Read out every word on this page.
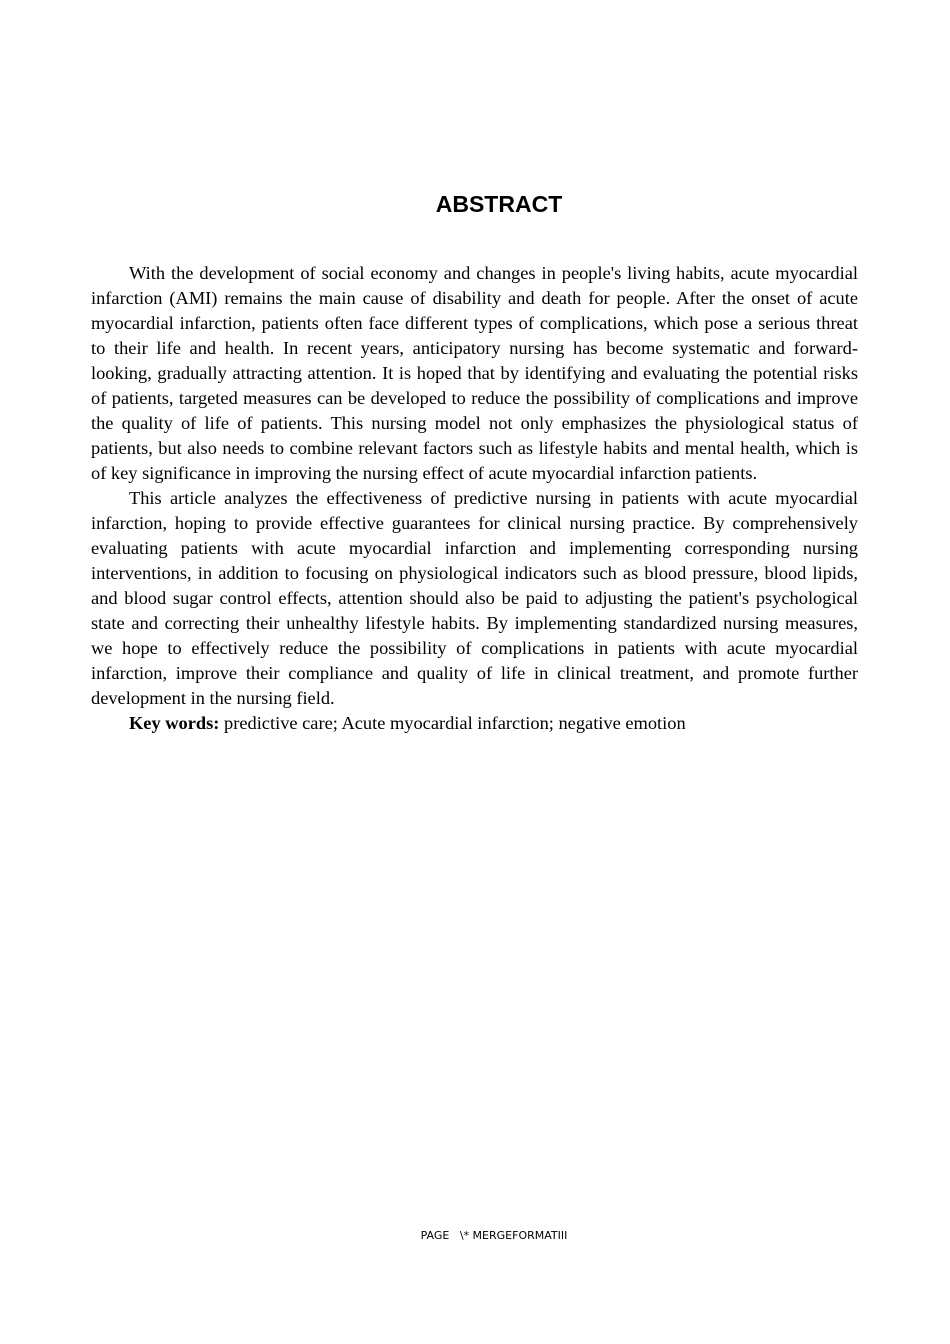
ABSTRACT

With the development of social economy and changes in people's living habits, acute myocardial infarction (AMI) remains the main cause of disability and death for people. After the onset of acute myocardial infarction, patients often face different types of complications, which pose a serious threat to their life and health. In recent years, anticipatory nursing has become systematic and forward-looking, gradually attracting attention. It is hoped that by identifying and evaluating the potential risks of patients, targeted measures can be developed to reduce the possibility of complications and improve the quality of life of patients. This nursing model not only emphasizes the physiological status of patients, but also needs to combine relevant factors such as lifestyle habits and mental health, which is of key significance in improving the nursing effect of acute myocardial infarction patients.

This article analyzes the effectiveness of predictive nursing in patients with acute myocardial infarction, hoping to provide effective guarantees for clinical nursing practice. By comprehensively evaluating patients with acute myocardial infarction and implementing corresponding nursing interventions, in addition to focusing on physiological indicators such as blood pressure, blood lipids, and blood sugar control effects, attention should also be paid to adjusting the patient's psychological state and correcting their unhealthy lifestyle habits. By implementing standardized nursing measures, we hope to effectively reduce the possibility of complications in patients with acute myocardial infarction, improve their compliance and quality of life in clinical treatment, and promote further development in the nursing field.

Key words: predictive care; Acute myocardial infarction; negative emotion

PAGE   \* MERGEFORMATIII
